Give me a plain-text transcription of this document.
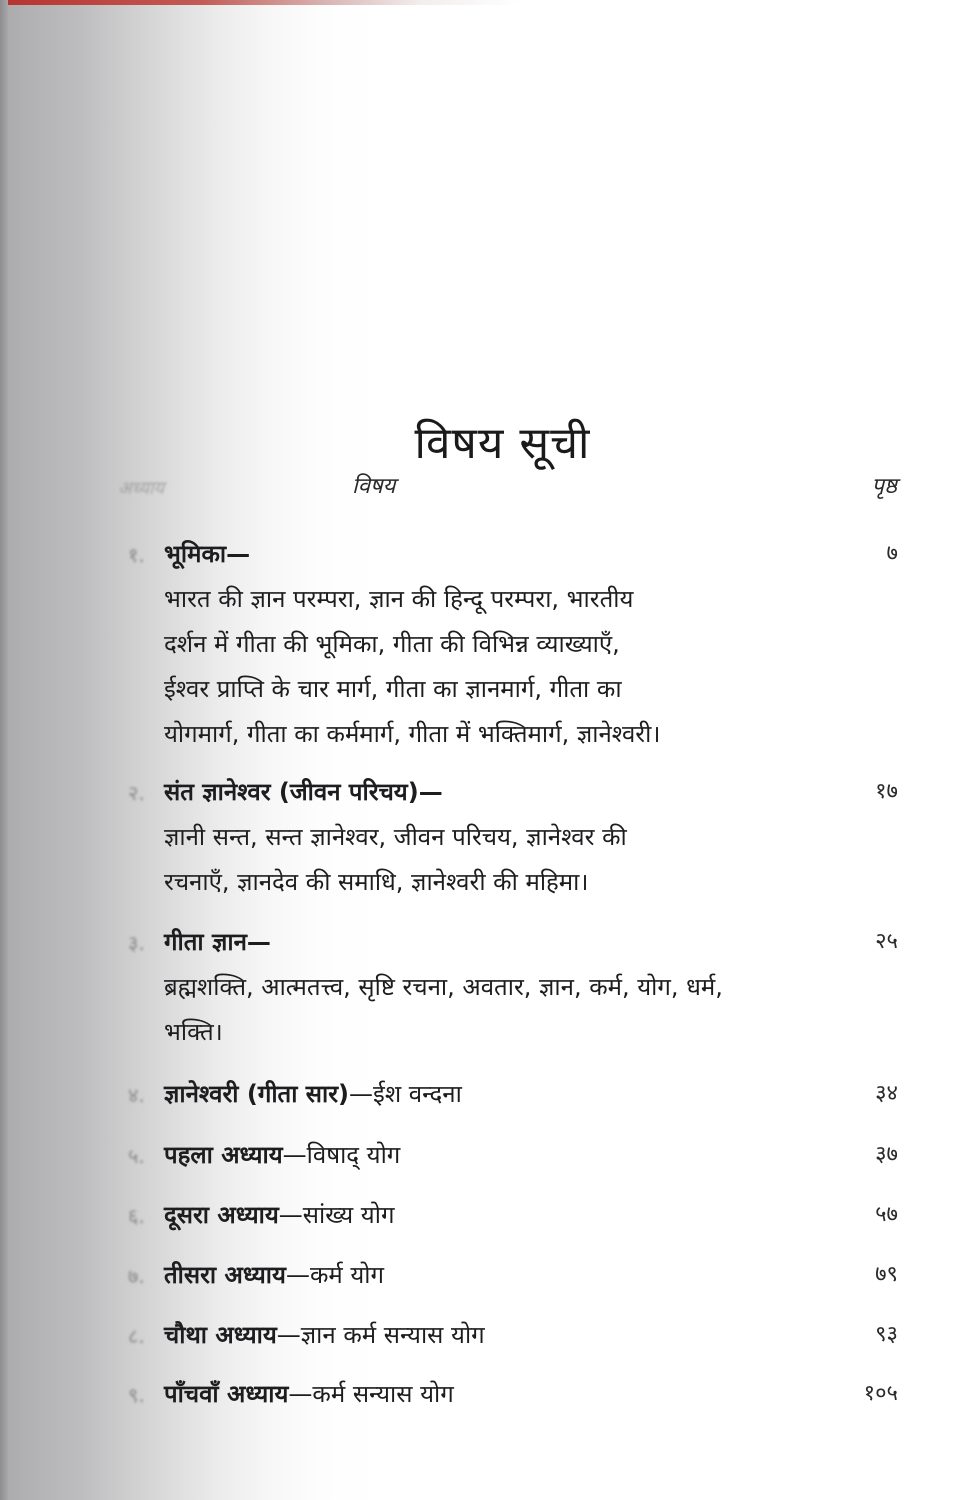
विषय सूची
अध्याय	विषय	पृष्ठ
१. भूमिका—	७
भारत की ज्ञान परम्परा, ज्ञान की हिन्दू परम्परा, भारतीय
दर्शन में गीता की भूमिका, गीता की विभिन्न व्याख्याएँ,
ईश्वर प्राप्ति के चार मार्ग, गीता का ज्ञानमार्ग, गीता का
योगमार्ग, गीता का कर्ममार्ग, गीता में भक्तिमार्ग, ज्ञानेश्वरी।
२. संत ज्ञानेश्वर (जीवन परिचय)—	१७
ज्ञानी सन्त, सन्त ज्ञानेश्वर, जीवन परिचय, ज्ञानेश्वर की
रचनाएँ, ज्ञानदेव की समाधि, ज्ञानेश्वरी की महिमा।
३. गीता ज्ञान—	२५
ब्रह्मशक्ति, आत्मतत्त्व, सृष्टि रचना, अवतार, ज्ञान, कर्म, योग, धर्म,
भक्ति।
४. ज्ञानेश्वरी (गीता सार)—ईश वन्दना	३४
५. पहला अध्याय—विषाद् योग	३७
६. दूसरा अध्याय—सांख्य योग	५७
७. तीसरा अध्याय—कर्म योग	७९
८. चौथा अध्याय—ज्ञान कर्म सन्यास योग	९३
९. पाँचवाँ अध्याय—कर्म सन्यास योग	१०५
